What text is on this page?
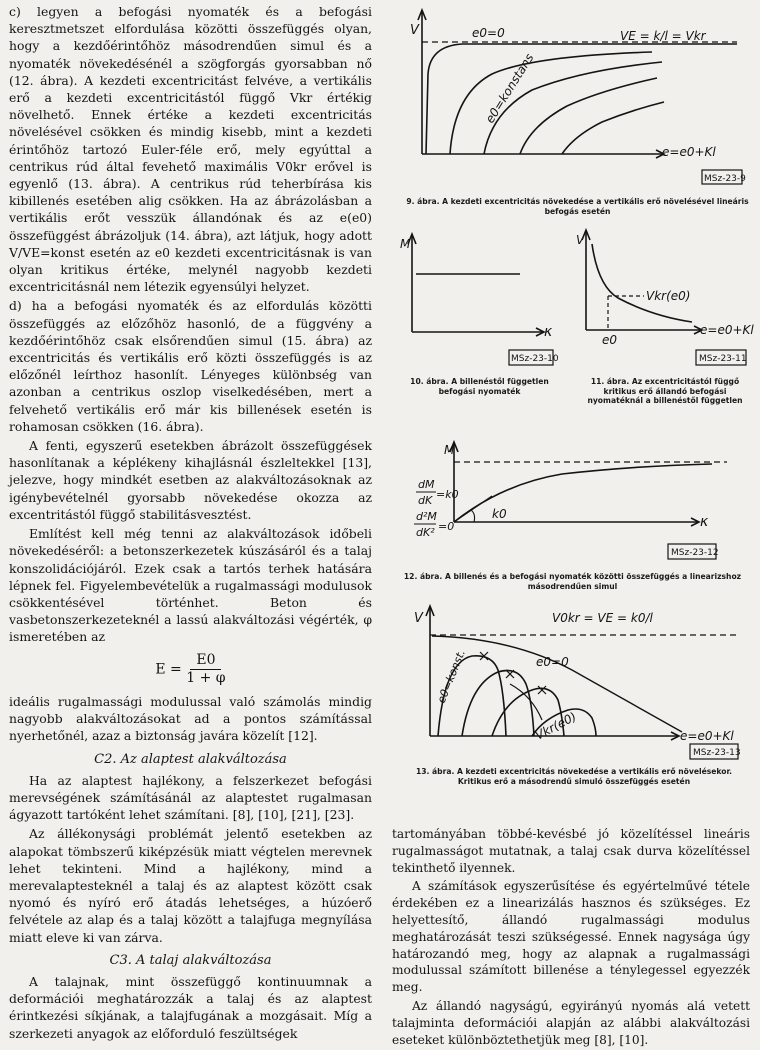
c) legyen a befogási nyomaték és a befogási keresztmetszet elfordulása közötti összefüggés olyan, hogy a kezdőérintőhöz másodrendűen simul és a nyomaték növekedésénél a szögforgás gyorsabban nő (12. ábra). A kezdeti excentricitást felvéve, a vertikális erő a kezdeti excentricitástól függő Vkr értékig növelhető. Ennek értéke a kezdeti excentricitás növelésével csökken és mindig kisebb, mint a kezdeti érintőhöz tartozó Euler-féle erő, mely egyúttal a centrikus rúd által fevehető maximális V0kr erővel is egyenlő (13. ábra). A centrikus rúd teherbírása kis kibillenés esetében alig csökken. Ha az ábrázolásban a vertikális erőt vesszük állandónak és az e(e0) összefüggést ábrázoljuk (14. ábra), azt látjuk, hogy adott V/VE=konst esetén az e0 kezdeti excentricitásnak is van olyan kritikus értéke, melynél nagyobb kezdeti excentricitásnál nem létezik egyensúlyi helyzet.

d) ha a befogási nyomaték és az elfordulás közötti összefüggés az előzőhöz hasonló, de a függvény a kezdőérintőhöz csak elsőrendűen simul (15. ábra) az excentricitás és vertikális erő közti összefüggés is az előzőnél leírthoz hasonlít. Lényeges különbség van azonban a centrikus oszlop viselkedésében, mert a felvehető vertikális erő már kis billenések esetén is rohamosan csökken (16. ábra).

A fenti, egyszerű esetekben ábrázolt összefüggések hasonlítanak a képlékeny kihajlásnál észleltekkel [13], jelezve, hogy mindkét esetben az alakváltozásoknak az igénybevételnél gyorsabb növekedése okozza az excentritástól függő stabilitásvesztést.

Említést kell még tenni az alakváltozások időbeli növekedéséről: a betonszerkezetek kúszásáról és a talaj konszolidációjáról. Ezek csak a tartós terhek hatására lépnek fel. Figyelembevételük a rugalmassági modulusok csökkentésével történhet. Beton és vasbetonszerkezeteknél a lassú alakváltozási végérték, φ ismeretében az

$E = \frac{E0}{1 + \varphi}$

ideális rugalmassági modulussal való számolás mindig nagyobb alakváltozásokat ad a pontos számítással nyerhetőnél, azaz a biztonság javára közelít [12].

C2. Az alaptest alakváltozása

Ha az alaptest hajlékony, a felszerkezet befogási merevségének számításánál az alaptestet rugalmasan ágyazott tartóként lehet számítani. [8], [10], [21], [23].

Az állékonysági problémát jelentő esetekben az alapokat tömbszerű kiképzésük miatt végtelen merevnek lehet tekinteni. Mind a hajlékony, mind a merevalaptesteknél a talaj és az alaptest között csak nyomó és nyíró erő átadás lehetséges, a húzóerő felvétele az alap és a talaj között a talajfuga megnyílása miatt eleve ki van zárva.

C3. A talaj alakváltozása

A talajnak, mint összefüggő kontinuumnak a deformációi meghatározzák a talaj és az alaptest érintkezési síkjának, a talajfugának a mozgásait. Míg a szerkezeti anyagok az előforduló feszültségek

tartományában többé-kevésbé jó közelítéssel lineáris rugalmasságot mutatnak, a talaj csak durva közelítéssel tekinthető ilyennek.

A számítások egyszerűsítése és egyértelművé tétele érdekében ez a linearizálás hasznos és szükséges. Ez helyettesítő, állandó rugalmassági modulus meghatározását teszi szükségessé. Ennek nagysága úgy határozandó meg, hogy az alapnak a rugalmassági modulussal számított billenése a ténylegessel egyezzék meg.

Az állandó nagyságú, egyirányú nyomás alá vetett talajminta deformációi alapján az alábbi alakváltozási eseteket különböztethetjük meg [8], [10].

V	e0=0	VE = k/l = Vkr
e0=konstans
e=e0+Kl
MSz-23-9
9. ábra. A kezdeti excentricitás növekedése a vertikális erő növelésével lineáris befogás esetén
M
κ
MSz-23-10
10. ábra. A billenéstől független befogási nyomaték
V
Vkr(e0)
e0
e=e0+Kl
MSz-23-11
11. ábra. Az excentricitástól függő kritikus erő állandó befogási nyomatéknál a billenéstől független
M
dM
dK =k0
d²M
dK² =0
k0	κ
MSz-23-12
12. ábra. A billenés és a befogási nyomaték közötti összefüggés a linearizshoz másodrendűen simul
V	V0kr = VE = k0/l
e0=konst.	e0=0
Vkr(e0)	e=e0+Kl
MSz-23-13
13. ábra. A kezdeti excentricitás növekedése a vertikális erő növelésekor. Kritikus erő a másodrendű simuló összefüggés esetén
